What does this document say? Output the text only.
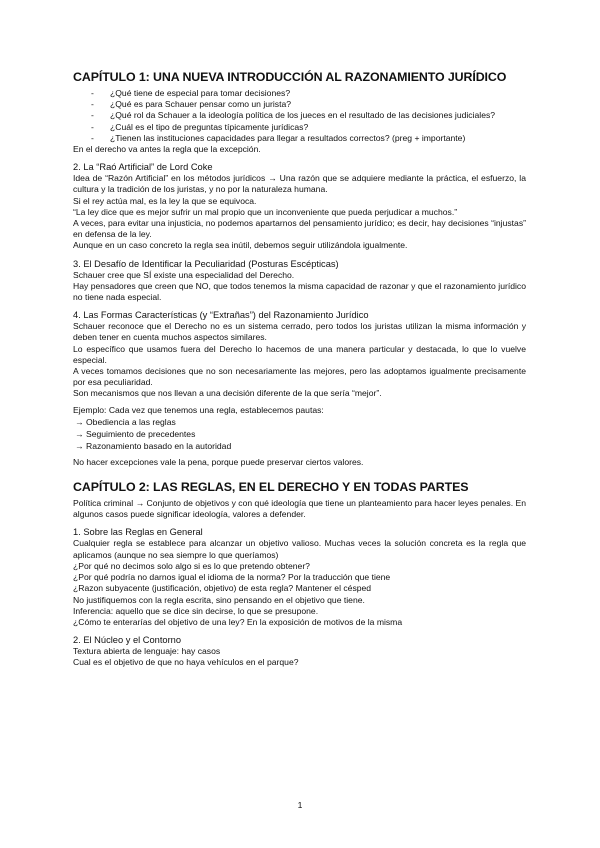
CAPÍTULO 1: UNA NUEVA INTRODUCCIÓN AL RAZONAMIENTO JURÍDICO

- ¿Qué tiene de especial para tomar decisiones?
- ¿Qué es para Schauer pensar como un jurista?
- ¿Qué rol da Schauer a la ideología política de los jueces en el resultado de las decisiones judiciales?
- ¿Cuál es el tipo de preguntas típicamente jurídicas?
- ¿Tienen las instituciones capacidades para llegar a resultados correctos? (preg + importante)

En el derecho va antes la regla que la excepción.

2. La “Raó Artificial” de Lord Coke

Idea de “Razón Artificial” en los métodos jurídicos → Una razón que se adquiere mediante la práctica, el esfuerzo, la cultura y la tradición de los juristas, y no por la naturaleza humana.

Si el rey actúa mal, es la ley la que se equivoca.

“La ley dice que es mejor sufrir un mal propio que un inconveniente que pueda perjudicar a muchos.”

A veces, para evitar una injusticia, no podemos apartarnos del pensamiento jurídico; es decir, hay decisiones “injustas” en defensa de la ley.

Aunque en un caso concreto la regla sea inútil, debemos seguir utilizándola igualmente.

3. El Desafío de Identificar la Peculiaridad (Posturas Escépticas)

Schauer cree que SÍ existe una especialidad del Derecho.

Hay pensadores que creen que NO, que todos tenemos la misma capacidad de razonar y que el razonamiento jurídico no tiene nada especial.

4. Las Formas Características (y “Extrañas”) del Razonamiento Jurídico

Schauer reconoce que el Derecho no es un sistema cerrado, pero todos los juristas utilizan la misma información y deben tener en cuenta muchos aspectos similares.

Lo específico que usamos fuera del Derecho lo hacemos de una manera particular y destacada, lo que lo vuelve especial.

A veces tomamos decisiones que no son necesariamente las mejores, pero las adoptamos igualmente precisamente por esa peculiaridad.

Son mecanismos que nos llevan a una decisión diferente de la que sería “mejor”.

Ejemplo: Cada vez que tenemos una regla, establecemos pautas:

→ Obediencia a las reglas
→ Seguimiento de precedentes
→ Razonamiento basado en la autoridad

No hacer excepciones vale la pena, porque puede preservar ciertos valores.

CAPÍTULO 2: LAS REGLAS, EN EL DERECHO Y EN TODAS PARTES

Política criminal → Conjunto de objetivos y con qué ideología que tiene un planteamiento para hacer leyes penales. En algunos casos puede significar ideología, valores a defender.

1. Sobre las Reglas en General

Cualquier regla se establece para alcanzar un objetivo valioso. Muchas veces la solución concreta es la regla que aplicamos (aunque no sea siempre lo que queríamos)

¿Por qué no decimos solo algo si es lo que pretendo obtener?

¿Por qué podría no darnos igual el idioma de la norma? Por la traducción que tiene

¿Razon subyacente (justificación, objetivo) de esta regla? Mantener el césped

No justifiquemos con la regla escrita, sino pensando en el objetivo que tiene.

Inferencia: aquello que se dice sin decirse, lo que se presupone.

¿Cómo te enterarías del objetivo de una ley? En la exposición de motivos de la misma

2. El Núcleo y el Contorno

Textura abierta de lenguaje: hay casos

Cual es el objetivo de que no haya vehículos en el parque?

1
